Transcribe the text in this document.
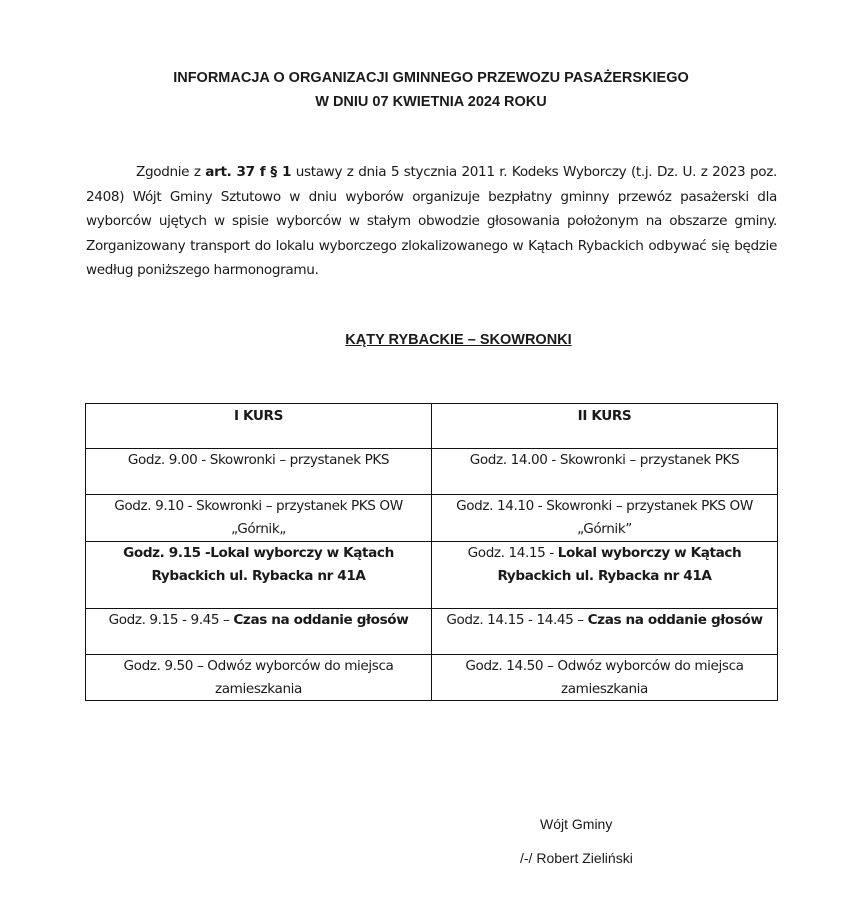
INFORMACJA O ORGANIZACJI GMINNEGO PRZEWOZU PASAŻERSKIEGO
W DNIU 07 KWIETNIA 2024 ROKU
Zgodnie z art. 37 f § 1 ustawy z dnia 5 stycznia 2011 r. Kodeks Wyborczy (t.j. Dz. U. z 2023 poz. 2408) Wójt Gminy Sztutowo w dniu wyborów organizuje bezpłatny gminny przewóz pasażerski dla wyborców ujętych w spisie wyborców w stałym obwodzie głosowania położonym na obszarze gminy. Zorganizowany transport do lokalu wyborczego zlokalizowanego w Kątach Rybackich odbywać się będzie według poniższego harmonogramu.
KĄTY RYBACKIE – SKOWRONKI
I KURS	II KURS
Godz. 9.00 - Skowronki – przystanek PKS	Godz. 14.00 - Skowronki – przystanek PKS
Godz. 9.10 - Skowronki – przystanek PKS OW „Górnik„	Godz. 14.10 - Skowronki – przystanek PKS OW „Górnik”
Godz. 9.15 -Lokal wyborczy w Kątach Rybackich ul. Rybacka nr 41A	Godz. 14.15 - Lokal wyborczy w Kątach Rybackich ul. Rybacka nr 41A
Godz. 9.15 - 9.45 – Czas na oddanie głosów	Godz. 14.15 - 14.45 – Czas na oddanie głosów
Godz. 9.50 – Odwóz wyborców do miejsca zamieszkania	Godz. 14.50 – Odwóz wyborców do miejsca zamieszkania
Wójt Gminy
/-/ Robert Zieliński
